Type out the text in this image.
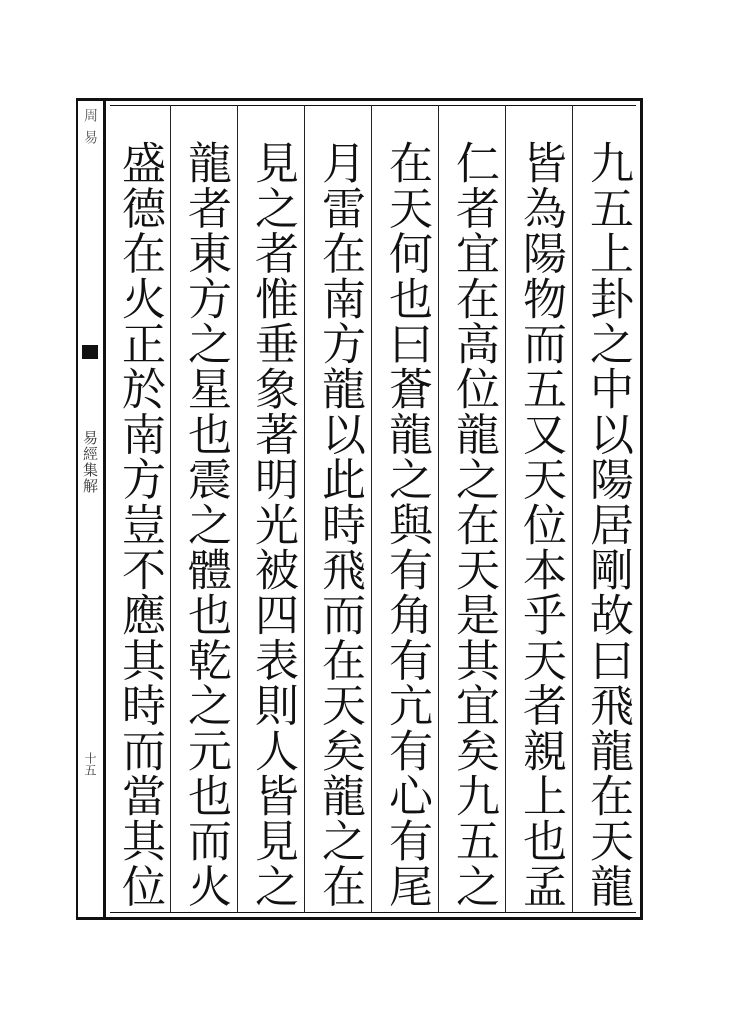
周易
易經集解
十五
九五上卦之中以陽居剛故曰飛龍在天龍
皆為陽物而五又天位本乎天者親上也孟
仁者宜在高位龍之在天是其宜矣九五之
在天何也曰蒼龍之與有角有亢有心有尾
月雷在南方龍以此時飛而在天矣龍之在
見之者惟垂象著明光被四表則人皆見之
龍者東方之星也震之體也乾之元也而火
盛德在火正於南方豈不應其時而當其位
